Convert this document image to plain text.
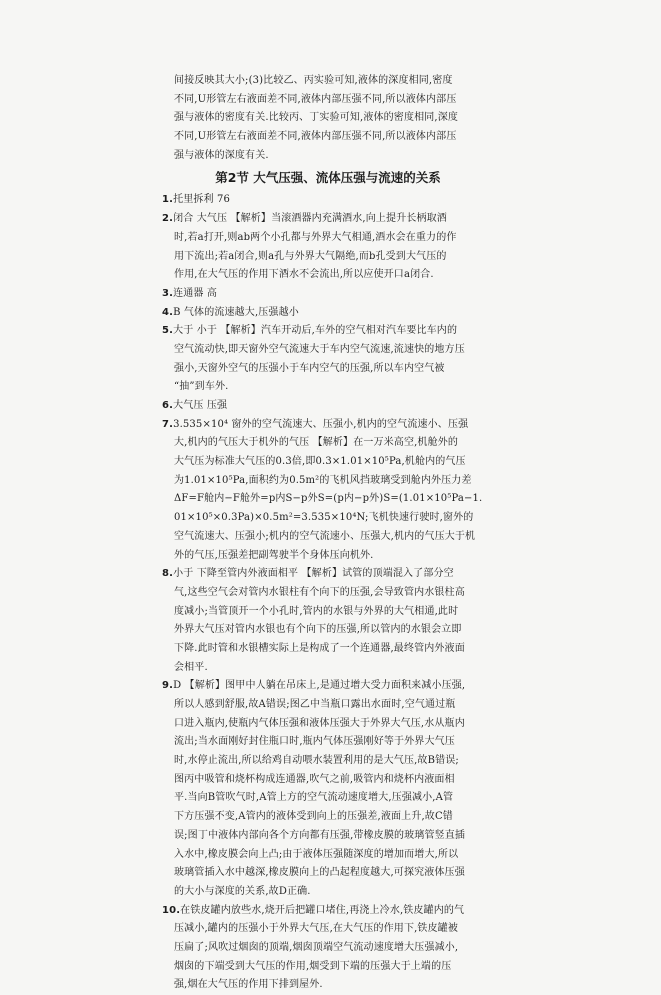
间接反映其大小;(3)比较乙、丙实验可知,液体的深度相同,密度
不同,U形管左右液面差不同,液体内部压强不同,所以液体内部压
强与液体的密度有关.比较丙、丁实验可知,液体的密度相同,深度
不同,U形管左右液面差不同,液体内部压强不同,所以液体内部压
强与液体的深度有关.
第2节 大气压强、流体压强与流速的关系
1.托里拆利 76
2.闭合 大气压 【解析】当滚酒器内充满酒水,向上提升长柄取酒
时,若a打开,则ab两个小孔都与外界大气相通,酒水会在重力的作
用下流出;若a闭合,则a孔与外界大气隔绝,而b孔受到大气压的
作用,在大气压的作用下酒水不会流出,所以应使开口a闭合.
3.连通器 高
4.B 气体的流速越大,压强越小
5.大于 小于 【解析】汽车开动后,车外的空气相对汽车要比车内的
空气流动快,即天窗外空气流速大于车内空气流速,流速快的地方压
强小,天窗外空气的压强小于车内空气的压强,所以车内空气被
“抽”到车外.
6.大气压 压强
7.3.535×10⁴ 窗外的空气流速大、压强小,机内的空气流速小、压强
大,机内的气压大于机外的气压 【解析】在一万米高空,机舱外的
大气压为标准大气压的0.3倍,即0.3×1.01×10⁵Pa,机舱内的气压
为1.01×10⁵Pa,面积约为0.5m²的飞机风挡玻璃受到舱内外压力差
ΔF=F舱内−F舱外=p内S−p外S=(p内−p外)S=(1.01×10⁵Pa−1.
01×10⁵×0.3Pa)×0.5m²=3.535×10⁴N;飞机快速行驶时,窗外的
空气流速大、压强小;机内的空气流速小、压强大,机内的气压大于机
外的气压,压强差把副驾驶半个身体压向机外.
8.小于 下降至管内外液面相平 【解析】试管的顶端混入了部分空
气,这些空气会对管内水银柱有个向下的压强,会导致管内水银柱高
度减小;当管顶开一个小孔时,管内的水银与外界的大气相通,此时
外界大气压对管内水银也有个向下的压强,所以管内的水银会立即
下降.此时管和水银槽实际上是构成了一个连通器,最终管内外液面
会相平.
9.D 【解析】图甲中人躺在吊床上,是通过增大受力面积来减小压强,
所以人感到舒服,故A错误;图乙中当瓶口露出水面时,空气通过瓶
口进入瓶内,使瓶内气体压强和液体压强大于外界大气压,水从瓶内
流出;当水面刚好封住瓶口时,瓶内气体压强刚好等于外界大气压
时,水停止流出,所以给鸡自动喂水装置利用的是大气压,故B错误;
图丙中吸管和烧杯构成连通器,吹气之前,吸管内和烧杯内液面相
平.当向B管吹气时,A管上方的空气流动速度增大,压强减小,A管
下方压强不变,A管内的液体受到向上的压强差,液面上升,故C错
误;图丁中液体内部向各个方向都有压强,带橡皮膜的玻璃管竖直插
入水中,橡皮膜会向上凸;由于液体压强随深度的增加而增大,所以
玻璃管插入水中越深,橡皮膜向上的凸起程度越大,可探究液体压强
的大小与深度的关系,故D正确.
10.在铁皮罐内放些水,烧开后把罐口堵住,再浇上冷水,铁皮罐内的气
压减小,罐内的压强小于外界大气压,在大气压的作用下,铁皮罐被
压扁了;风吹过烟囱的顶端,烟囱顶端空气流动速度增大压强减小,
烟囱的下端受到大气压的作用,烟受到下端的压强大于上端的压
强,烟在大气压的作用下排到屋外.
